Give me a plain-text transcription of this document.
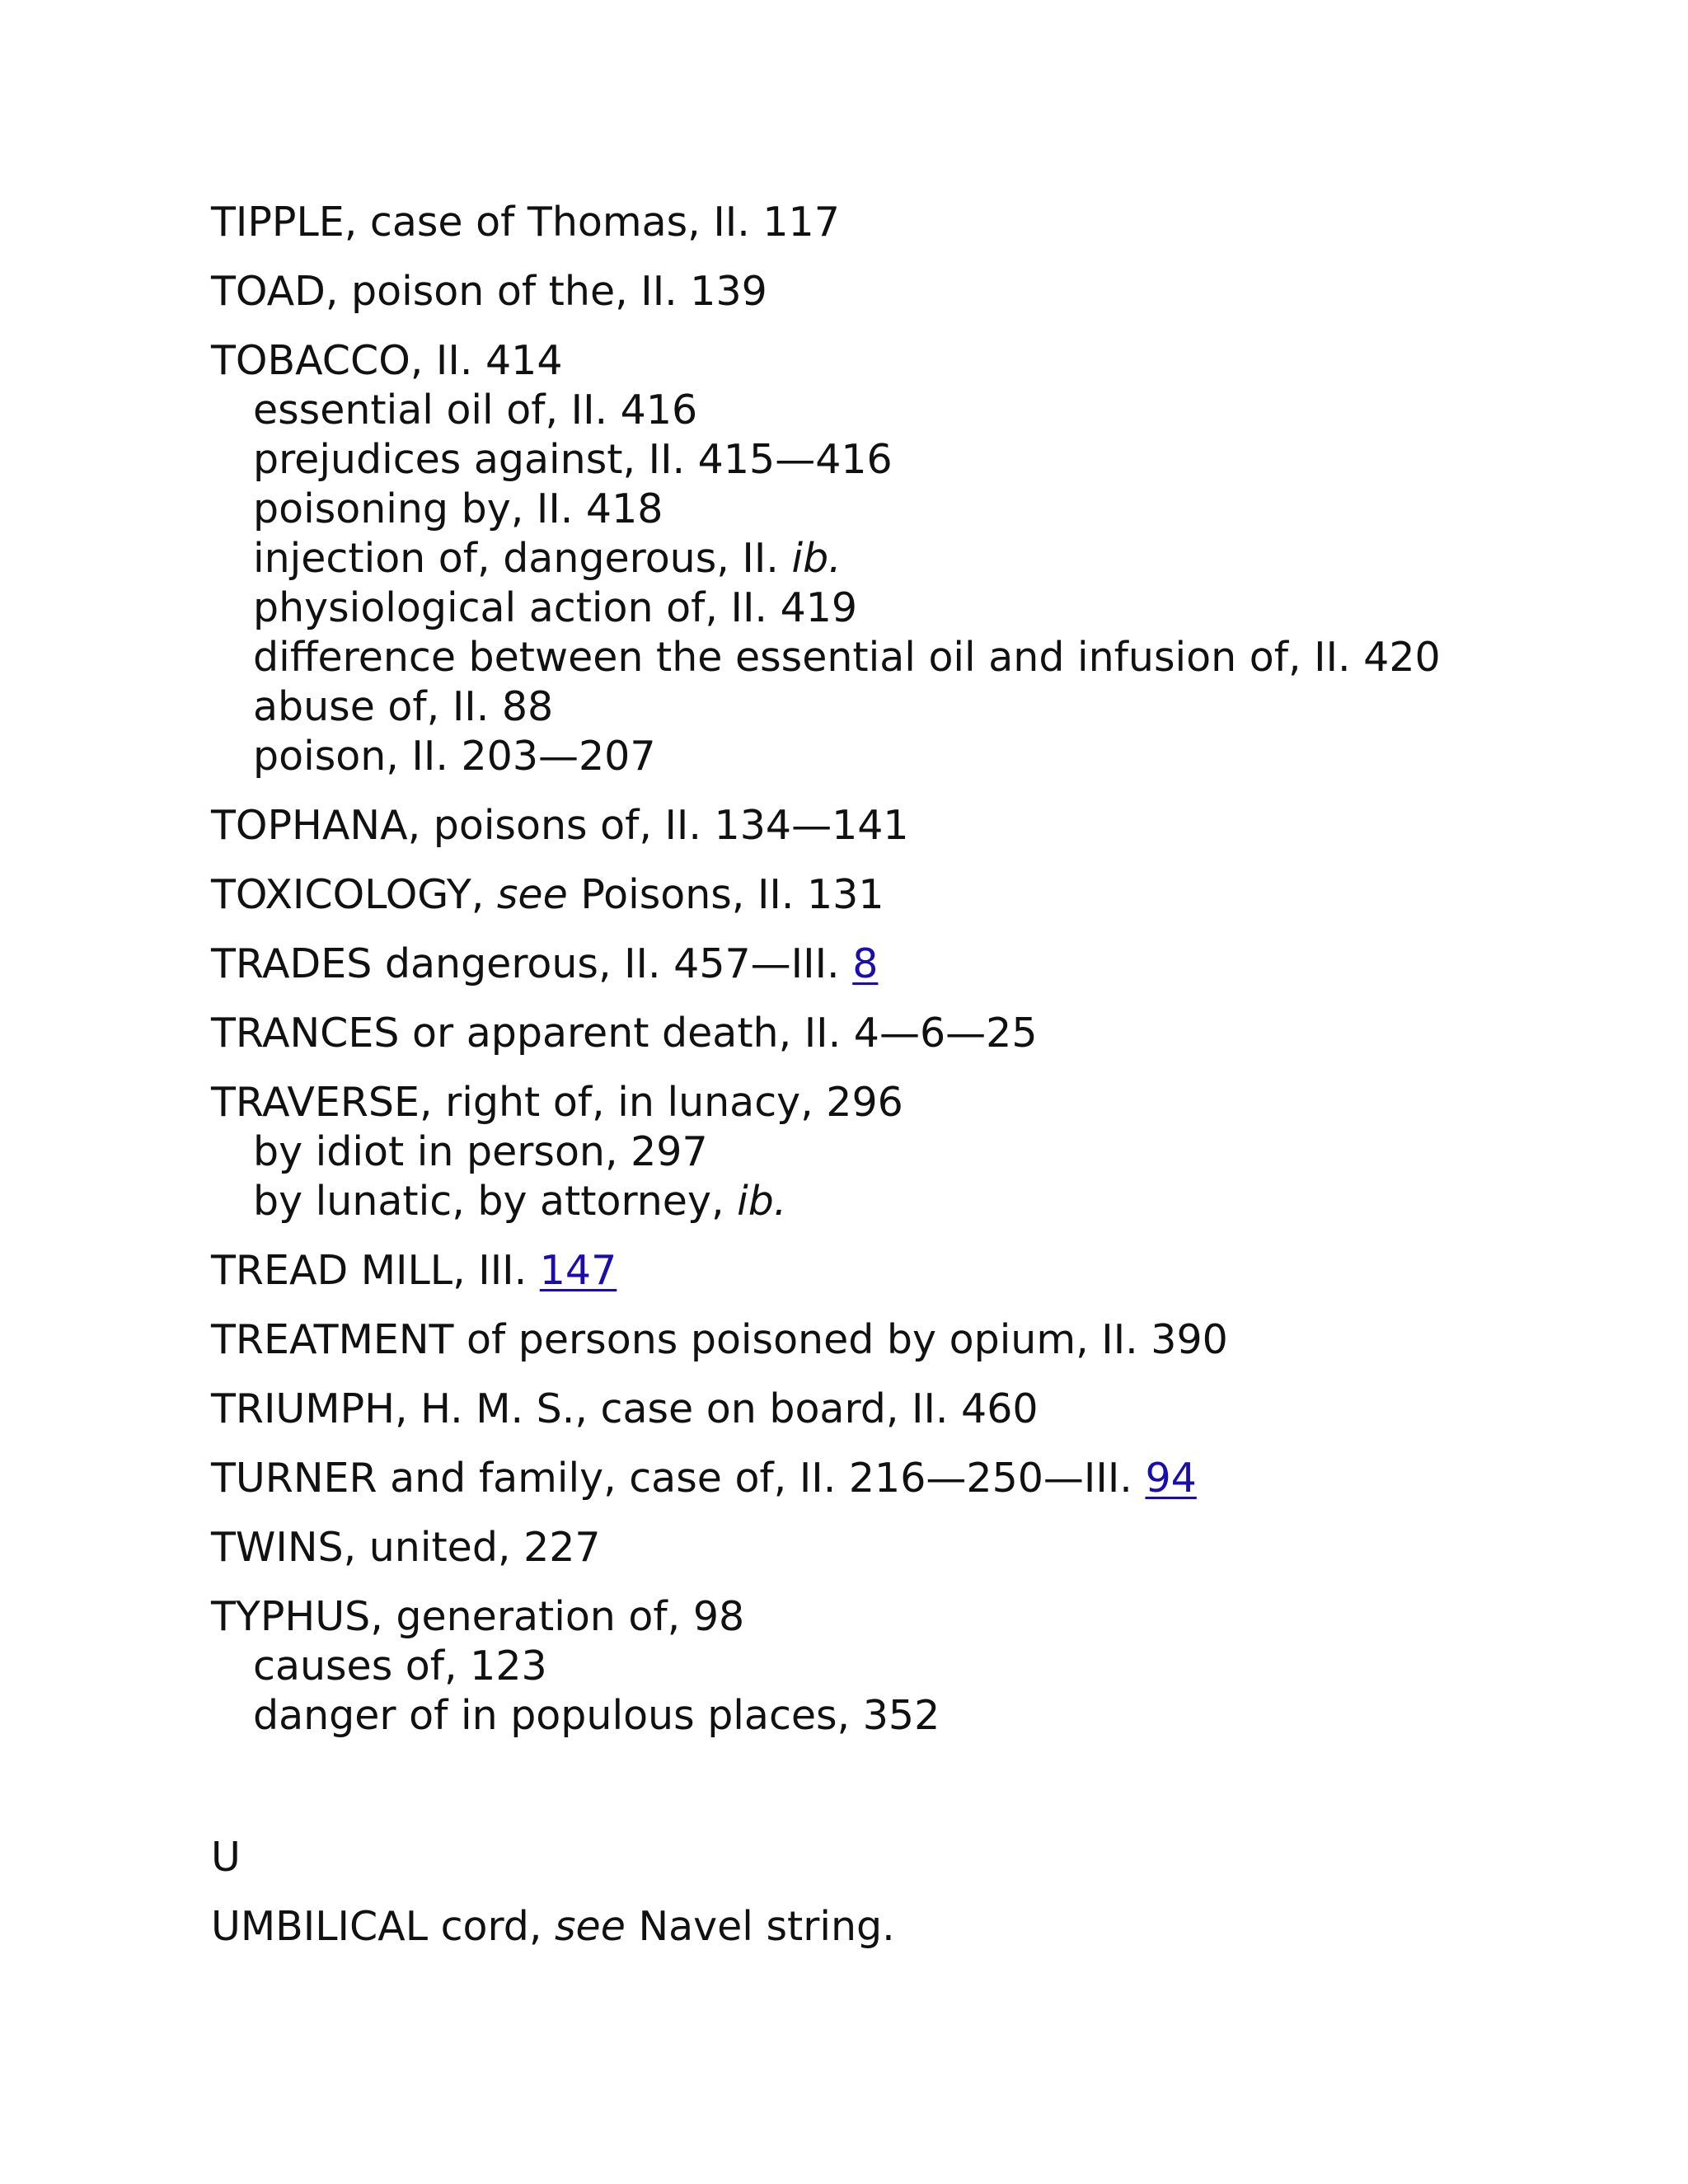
TIPPLE, case of Thomas, II. 117
TOAD, poison of the, II. 139
TOBACCO, II. 414
essential oil of, II. 416
prejudices against, II. 415—416
poisoning by, II. 418
injection of, dangerous, II. ib.
physiological action of, II. 419
difference between the essential oil and infusion of, II. 420
abuse of, II. 88
poison, II. 203—207
TOPHANA, poisons of, II. 134—141
TOXICOLOGY, see Poisons, II. 131
TRADES dangerous, II. 457—III. 8
TRANCES or apparent death, II. 4—6—25
TRAVERSE, right of, in lunacy, 296
by idiot in person, 297
by lunatic, by attorney, ib.
TREAD MILL, III. 147
TREATMENT of persons poisoned by opium, II. 390
TRIUMPH, H. M. S., case on board, II. 460
TURNER and family, case of, II. 216—250—III. 94
TWINS, united, 227
TYPHUS, generation of, 98
causes of, 123
danger of in populous places, 352
U
UMBILICAL cord, see Navel string.
